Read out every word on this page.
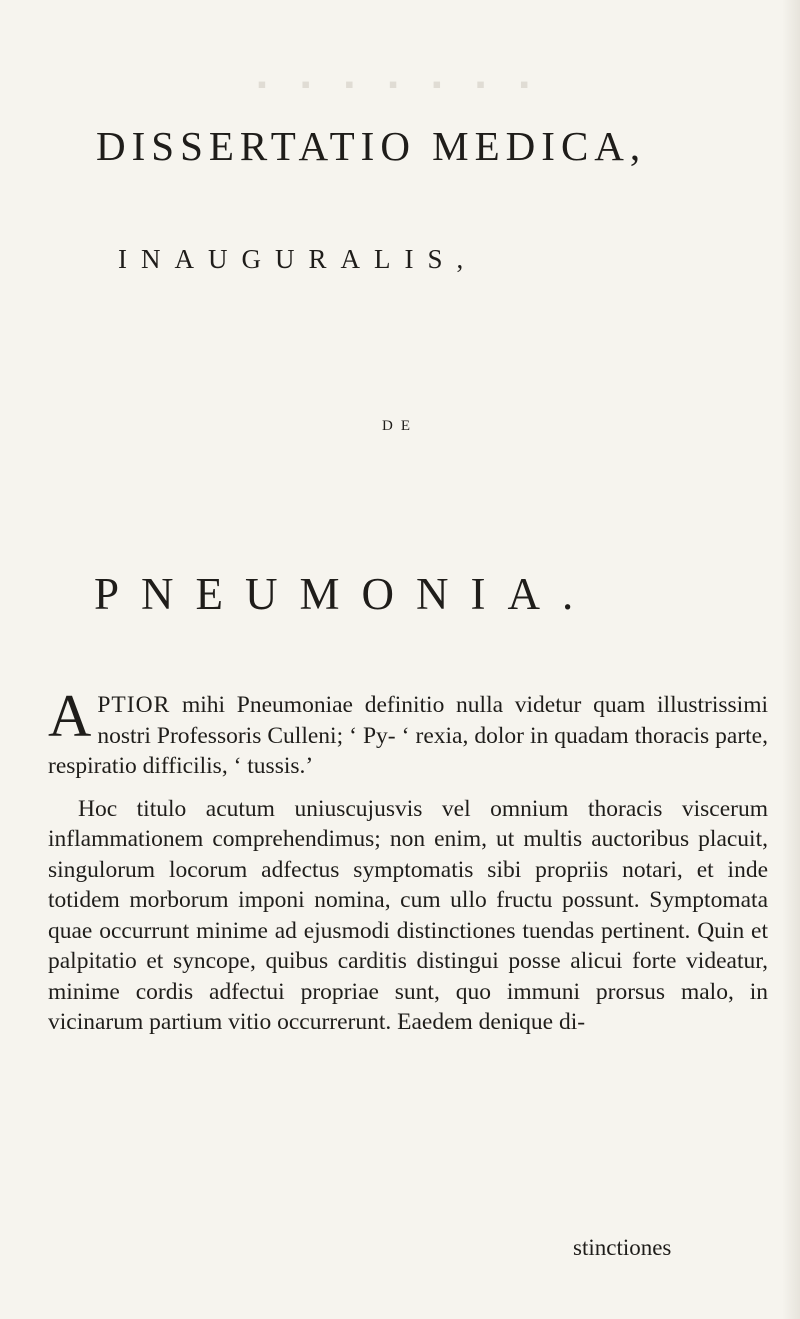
▪ ▪ ▪ ▪ ▪ ▪ ▪
DISSERTATIO MEDICA,
INAUGURALIS,
DE
PNEUMONIA.

APTIOR mihi Pneumoniae definitio nulla videtur quam illustrissimi nostri Professoris Culleni; ‘ Py- ‘ rexia, dolor in quadam thoracis parte, respiratio difficilis, ‘ tussis.’

Hoc titulo acutum uniuscujusvis vel omnium thoracis viscerum inflammationem comprehendimus; non enim, ut multis auctoribus placuit, singulorum locorum adfectus symptomatis sibi propriis notari, et inde totidem morborum imponi nomina, cum ullo fructu possunt. Symptomata quae occurrunt minime ad ejusmodi distinctiones tuendas pertinent. Quin et palpitatio et syncope, quibus carditis distingui posse alicui forte videatur, minime cordis adfectui propriae sunt, quo immuni prorsus malo, in vicinarum partium vitio occurrerunt. Eaedem denique di-

stinctiones
